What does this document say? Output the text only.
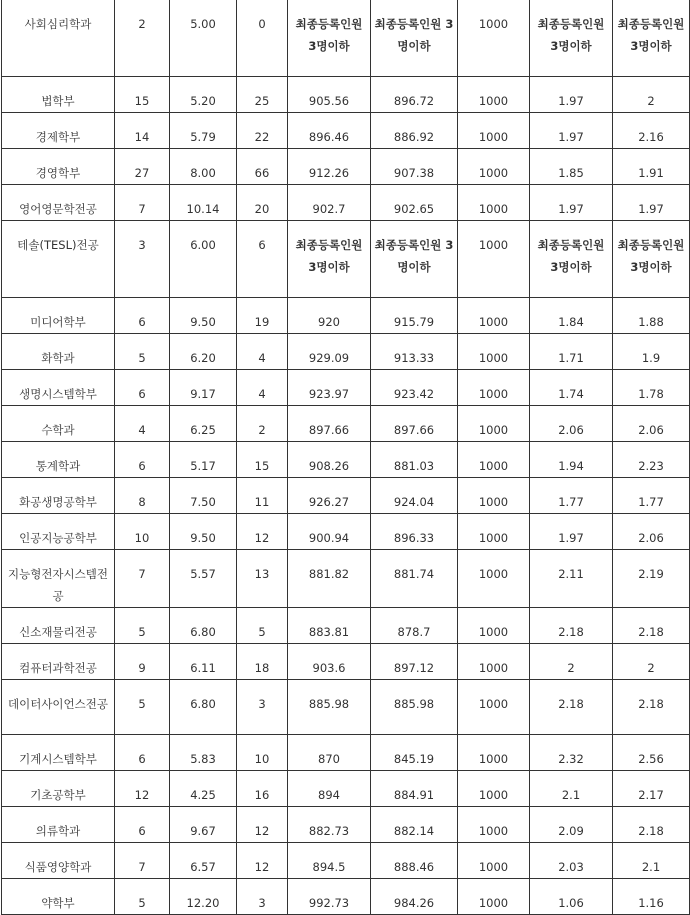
사회심리학과	2	5.00	0	최종등록인원 3명이하	최종등록인원 3명이하	1000	최종등록인원 3명이하	최종등록인원 3명이하
법학부	15	5.20	25	905.56	896.72	1000	1.97	2
경제학부	14	5.79	22	896.46	886.92	1000	1.97	2.16
경영학부	27	8.00	66	912.26	907.38	1000	1.85	1.91
영어영문학전공	7	10.14	20	902.7	902.65	1000	1.97	1.97
테솔(TESL)전공	3	6.00	6	최종등록인원 3명이하	최종등록인원 3명이하	1000	최종등록인원 3명이하	최종등록인원 3명이하
미디어학부	6	9.50	19	920	915.79	1000	1.84	1.88
화학과	5	6.20	4	929.09	913.33	1000	1.71	1.9
생명시스템학부	6	9.17	4	923.97	923.42	1000	1.74	1.78
수학과	4	6.25	2	897.66	897.66	1000	2.06	2.06
통계학과	6	5.17	15	908.26	881.03	1000	1.94	2.23
화공생명공학부	8	7.50	11	926.27	924.04	1000	1.77	1.77
인공지능공학부	10	9.50	12	900.94	896.33	1000	1.97	2.06
지능형전자시스템전공	7	5.57	13	881.82	881.74	1000	2.11	2.19
신소재물리전공	5	6.80	5	883.81	878.7	1000	2.18	2.18
컴퓨터과학전공	9	6.11	18	903.6	897.12	1000	2	2
데이터사이언스전공	5	6.80	3	885.98	885.98	1000	2.18	2.18
기계시스템학부	6	5.83	10	870	845.19	1000	2.32	2.56
기초공학부	12	4.25	16	894	884.91	1000	2.1	2.17
의류학과	6	9.67	12	882.73	882.14	1000	2.09	2.18
식품영양학과	7	6.57	12	894.5	888.46	1000	2.03	2.1
약학부	5	12.20	3	992.73	984.26	1000	1.06	1.16
